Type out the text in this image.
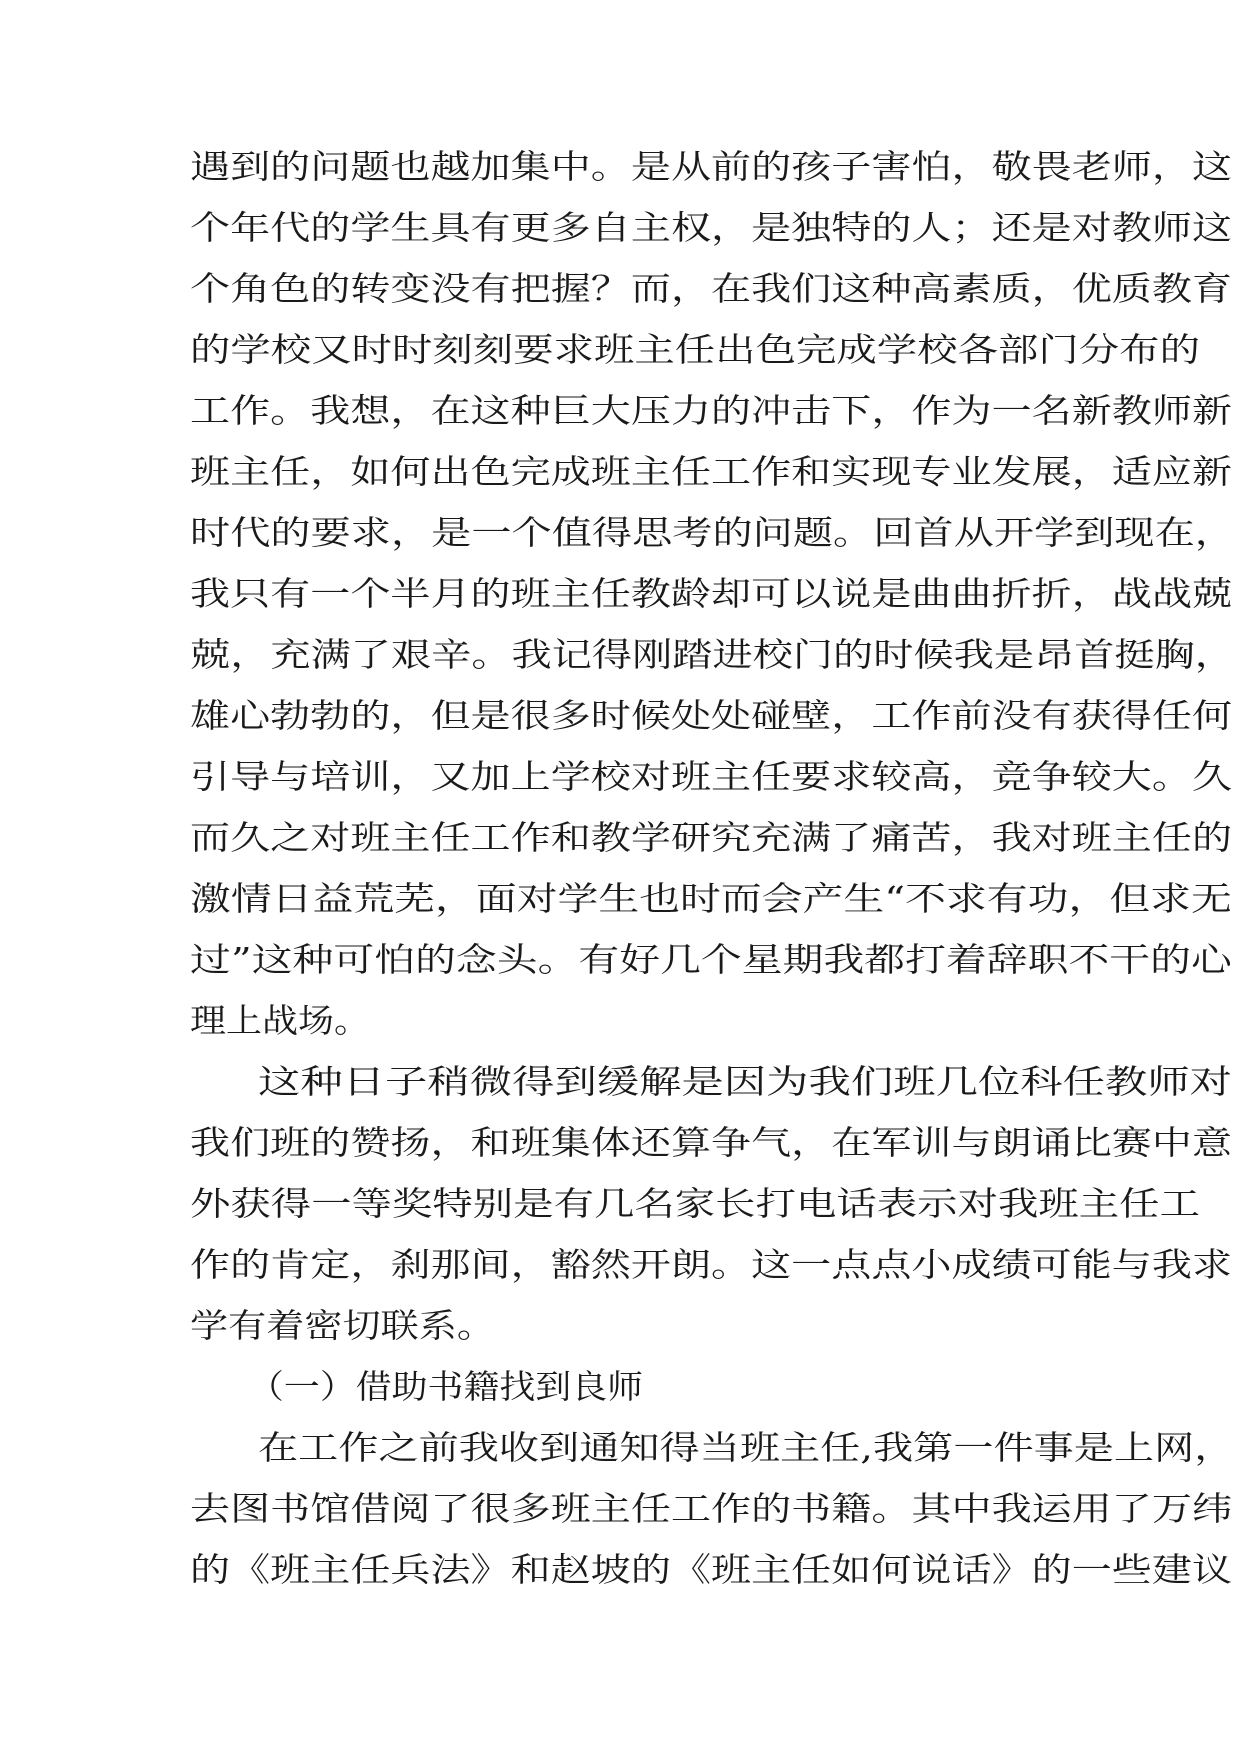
遇到的问题也越加集中。是从前的孩子害怕，敬畏老师，这
个年代的学生具有更多自主权，是独特的人；还是对教师这
个角色的转变没有把握？而，在我们这种高素质，优质教育
的学校又时时刻刻要求班主任出色完成学校各部门分布的
工作。我想，在这种巨大压力的冲击下，作为一名新教师新
班主任，如何出色完成班主任工作和实现专业发展，适应新
时代的要求，是一个值得思考的问题。回首从开学到现在，
我只有一个半月的班主任教龄却可以说是曲曲折折，战战兢
兢，充满了艰辛。我记得刚踏进校门的时候我是昂首挺胸，
雄心勃勃的，但是很多时候处处碰壁，工作前没有获得任何
引导与培训，又加上学校对班主任要求较高，竞争较大。久
而久之对班主任工作和教学研究充满了痛苦，我对班主任的
激情日益荒芜，面对学生也时而会产生“不求有功，但求无
过”这种可怕的念头。有好几个星期我都打着辞职不干的心
理上战场。
这种日子稍微得到缓解是因为我们班几位科任教师对
我们班的赞扬，和班集体还算争气，在军训与朗诵比赛中意
外获得一等奖特别是有几名家长打电话表示对我班主任工
作的肯定，刹那间，豁然开朗。这一点点小成绩可能与我求
学有着密切联系。
（一）借助书籍找到良师
在工作之前我收到通知得当班主任,我第一件事是上网，
去图书馆借阅了很多班主任工作的书籍。其中我运用了万纬
的《班主任兵法》和赵坡的《班主任如何说话》的一些建议
